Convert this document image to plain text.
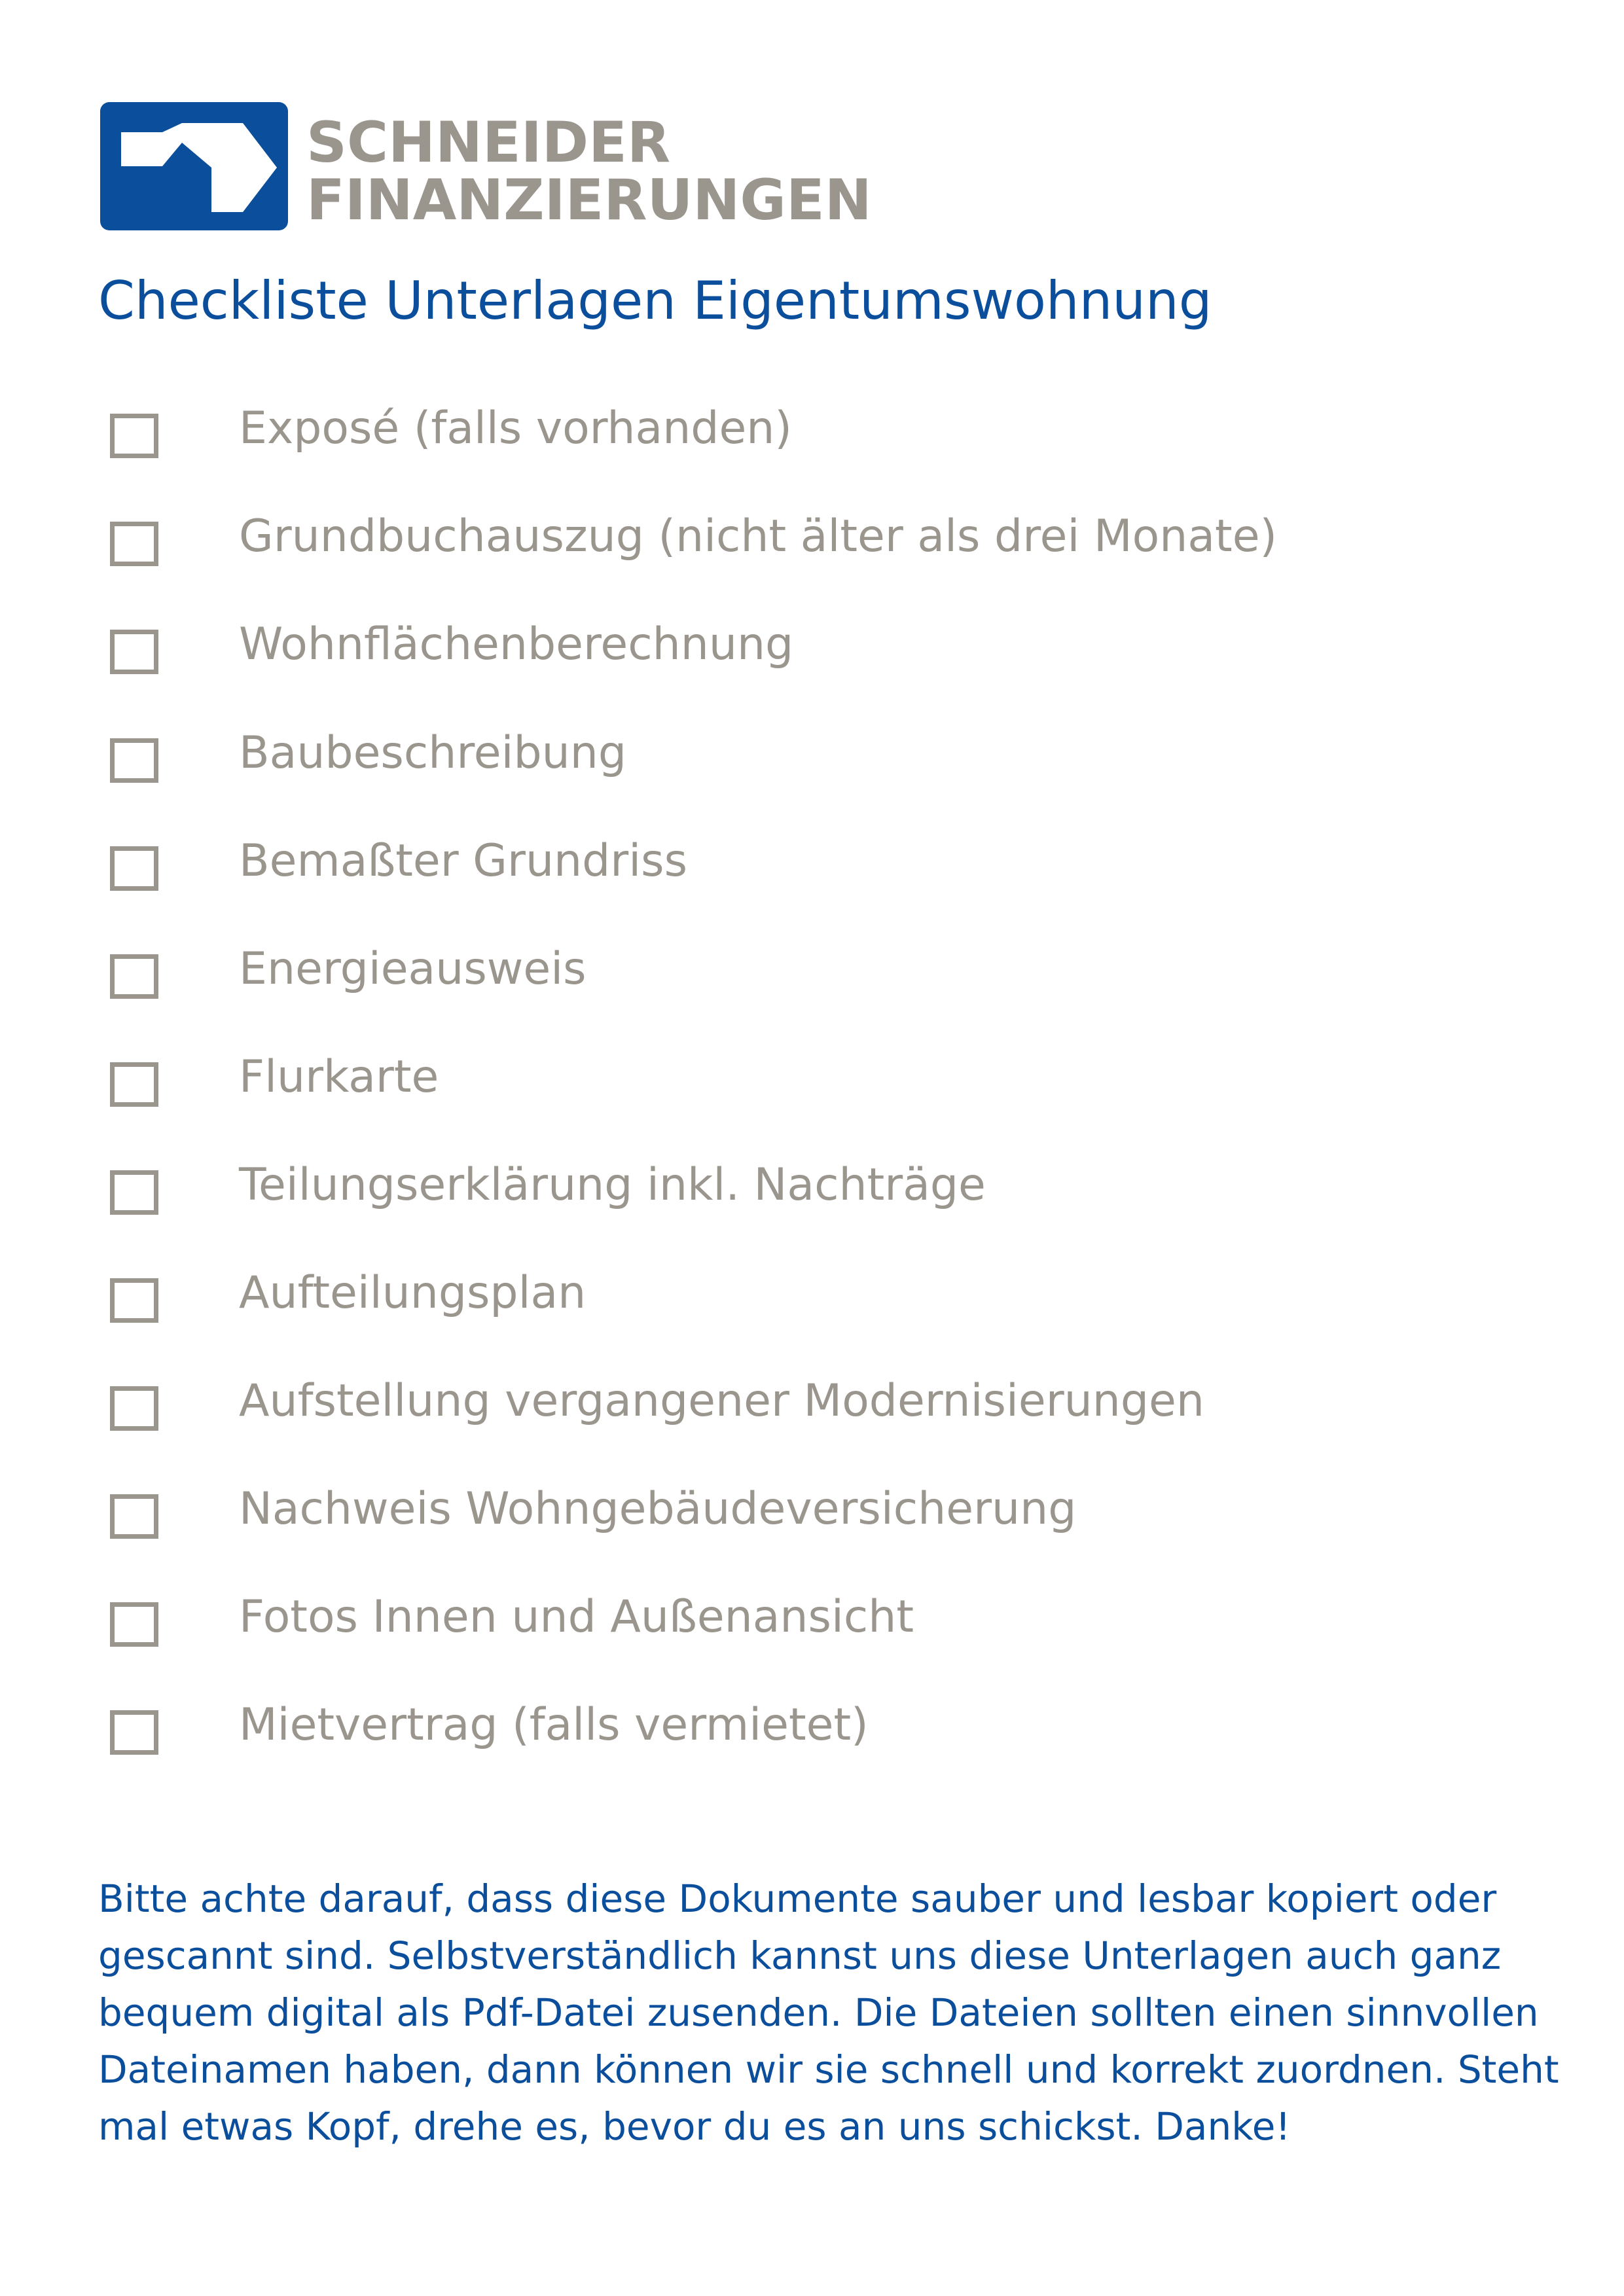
SCHNEIDER
FINANZIERUNGEN
Checkliste Unterlagen Eigentumswohnung
Exposé (falls vorhanden)
Grundbuchauszug (nicht älter als drei Monate)
Wohnflächenberechnung
Baubeschreibung
Bemaßter Grundriss
Energieausweis
Flurkarte
Teilungserklärung inkl. Nachträge
Aufteilungsplan
Aufstellung vergangener Modernisierungen
Nachweis Wohngebäudeversicherung
Fotos Innen und Außenansicht
Mietvertrag (falls vermietet)

Bitte achte darauf, dass diese Dokumente sauber und lesbar kopiert oder gescannt sind. Selbstverständlich kannst uns diese Unterlagen auch ganz bequem digital als Pdf-Datei zusenden. Die Dateien sollten einen sinnvollen Dateinamen haben, dann können wir sie schnell und korrekt zuordnen. Steht mal etwas Kopf, drehe es, bevor du es an uns schickst. Danke!
